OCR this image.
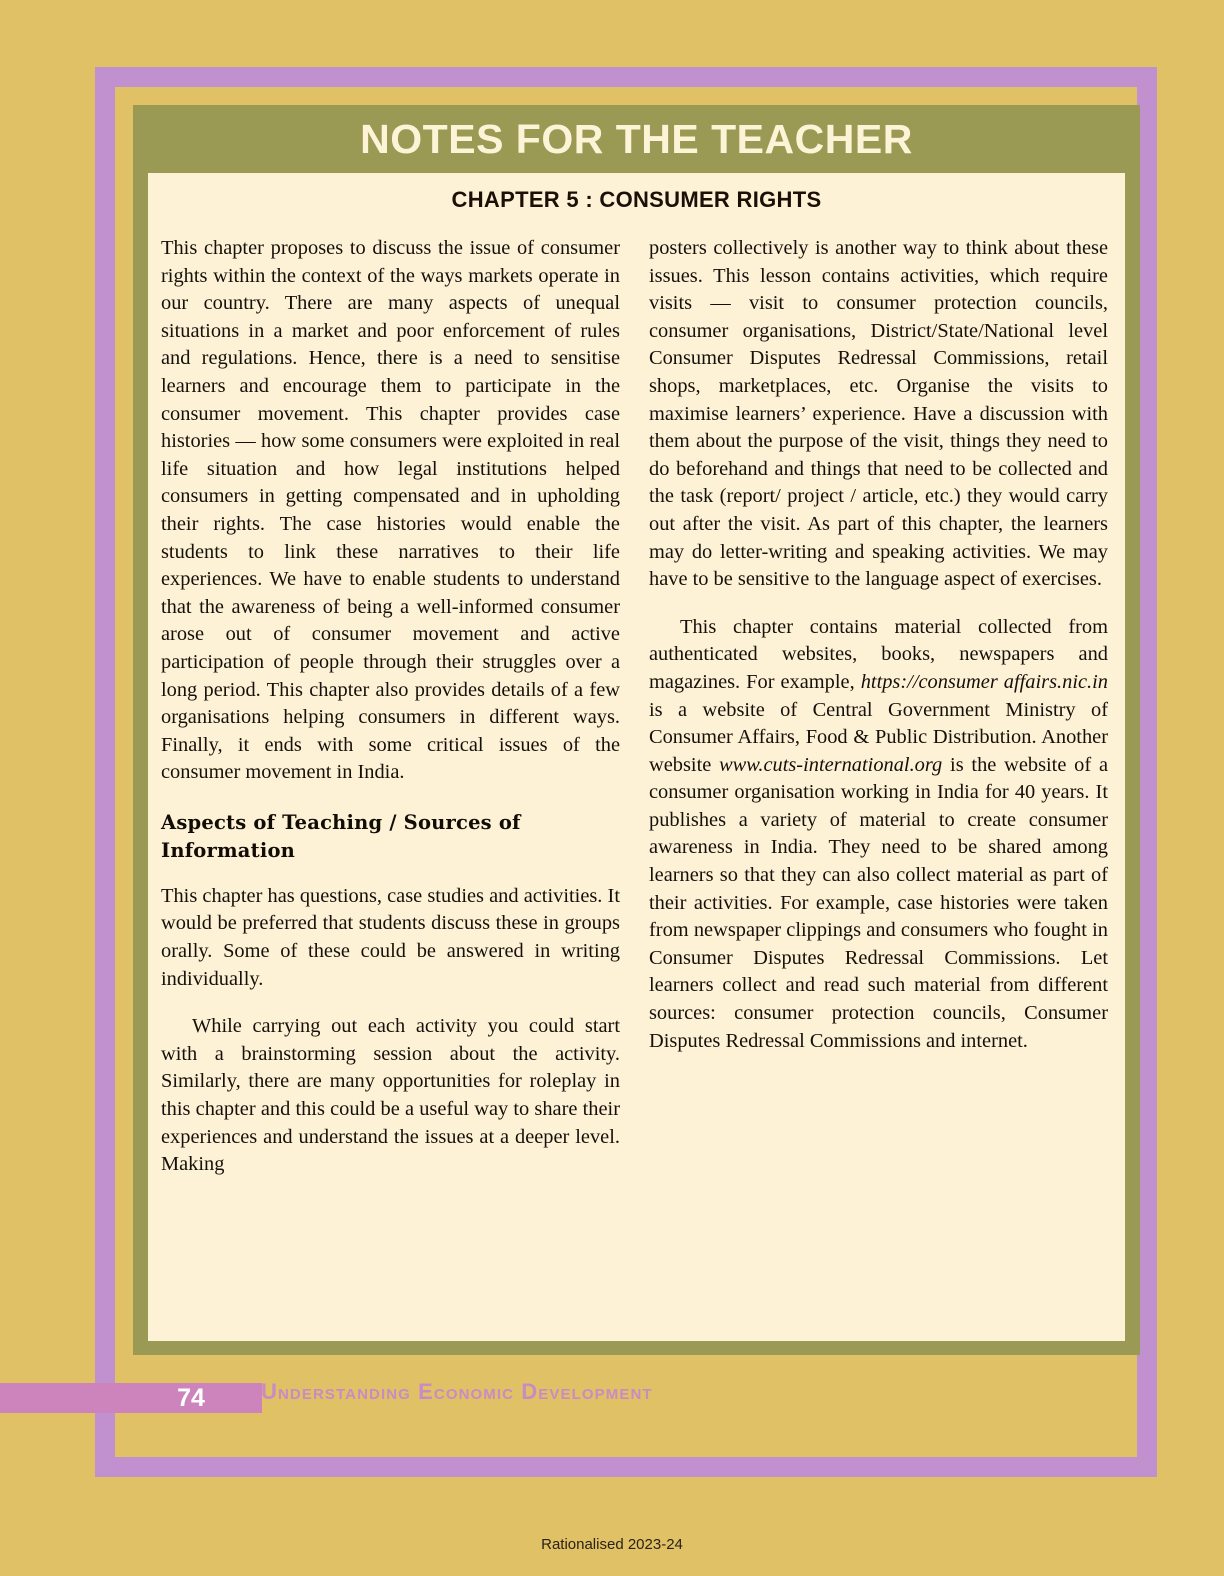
NOTES FOR THE TEACHER
CHAPTER 5 : CONSUMER RIGHTS

This chapter proposes to discuss the issue of consumer rights within the context of the ways markets operate in our country. There are many aspects of unequal situations in a market and poor enforcement of rules and regulations. Hence, there is a need to sensitise learners and encourage them to participate in the consumer movement. This chapter provides case histories — how some consumers were exploited in real life situation and how legal institutions helped consumers in getting compensated and in upholding their rights. The case histories would enable the students to link these narratives to their life experiences. We have to enable students to understand that the awareness of being a well-informed consumer arose out of consumer movement and active participation of people through their struggles over a long period. This chapter also provides details of a few organisations helping consumers in different ways. Finally, it ends with some critical issues of the consumer movement in India.

Aspects of Teaching / Sources of Information

This chapter has questions, case studies and activities. It would be preferred that students discuss these in groups orally. Some of these could be answered in writing individually.

While carrying out each activity you could start with a brainstorming session about the activity. Similarly, there are many opportunities for roleplay in this chapter and this could be a useful way to share their experiences and understand the issues at a deeper level. Making

posters collectively is another way to think about these issues. This lesson contains activities, which require visits — visit to consumer protection councils, consumer organisations, District/State/National level Consumer Disputes Redressal Commissions, retail shops, marketplaces, etc. Organise the visits to maximise learners’ experience. Have a discussion with them about the purpose of the visit, things they need to do beforehand and things that need to be collected and the task (report/ project / article, etc.) they would carry out after the visit. As part of this chapter, the learners may do letter-writing and speaking activities. We may have to be sensitive to the language aspect of exercises.

This chapter contains material collected from authenticated websites, books, newspapers and magazines. For example, https://consumer affairs.nic.in is a website of Central Government Ministry of Consumer Affairs, Food & Public Distribution. Another website www.cuts-international.org is the website of a consumer organisation working in India for 40 years. It publishes a variety of material to create consumer awareness in India. They need to be shared among learners so that they can also collect material as part of their activities. For example, case histories were taken from newspaper clippings and consumers who fought in Consumer Disputes Redressal Commissions. Let learners collect and read such material from different sources: consumer protection councils, Consumer Disputes Redressal Commissions and internet.

74	Understanding Economic Development
Rationalised 2023-24
